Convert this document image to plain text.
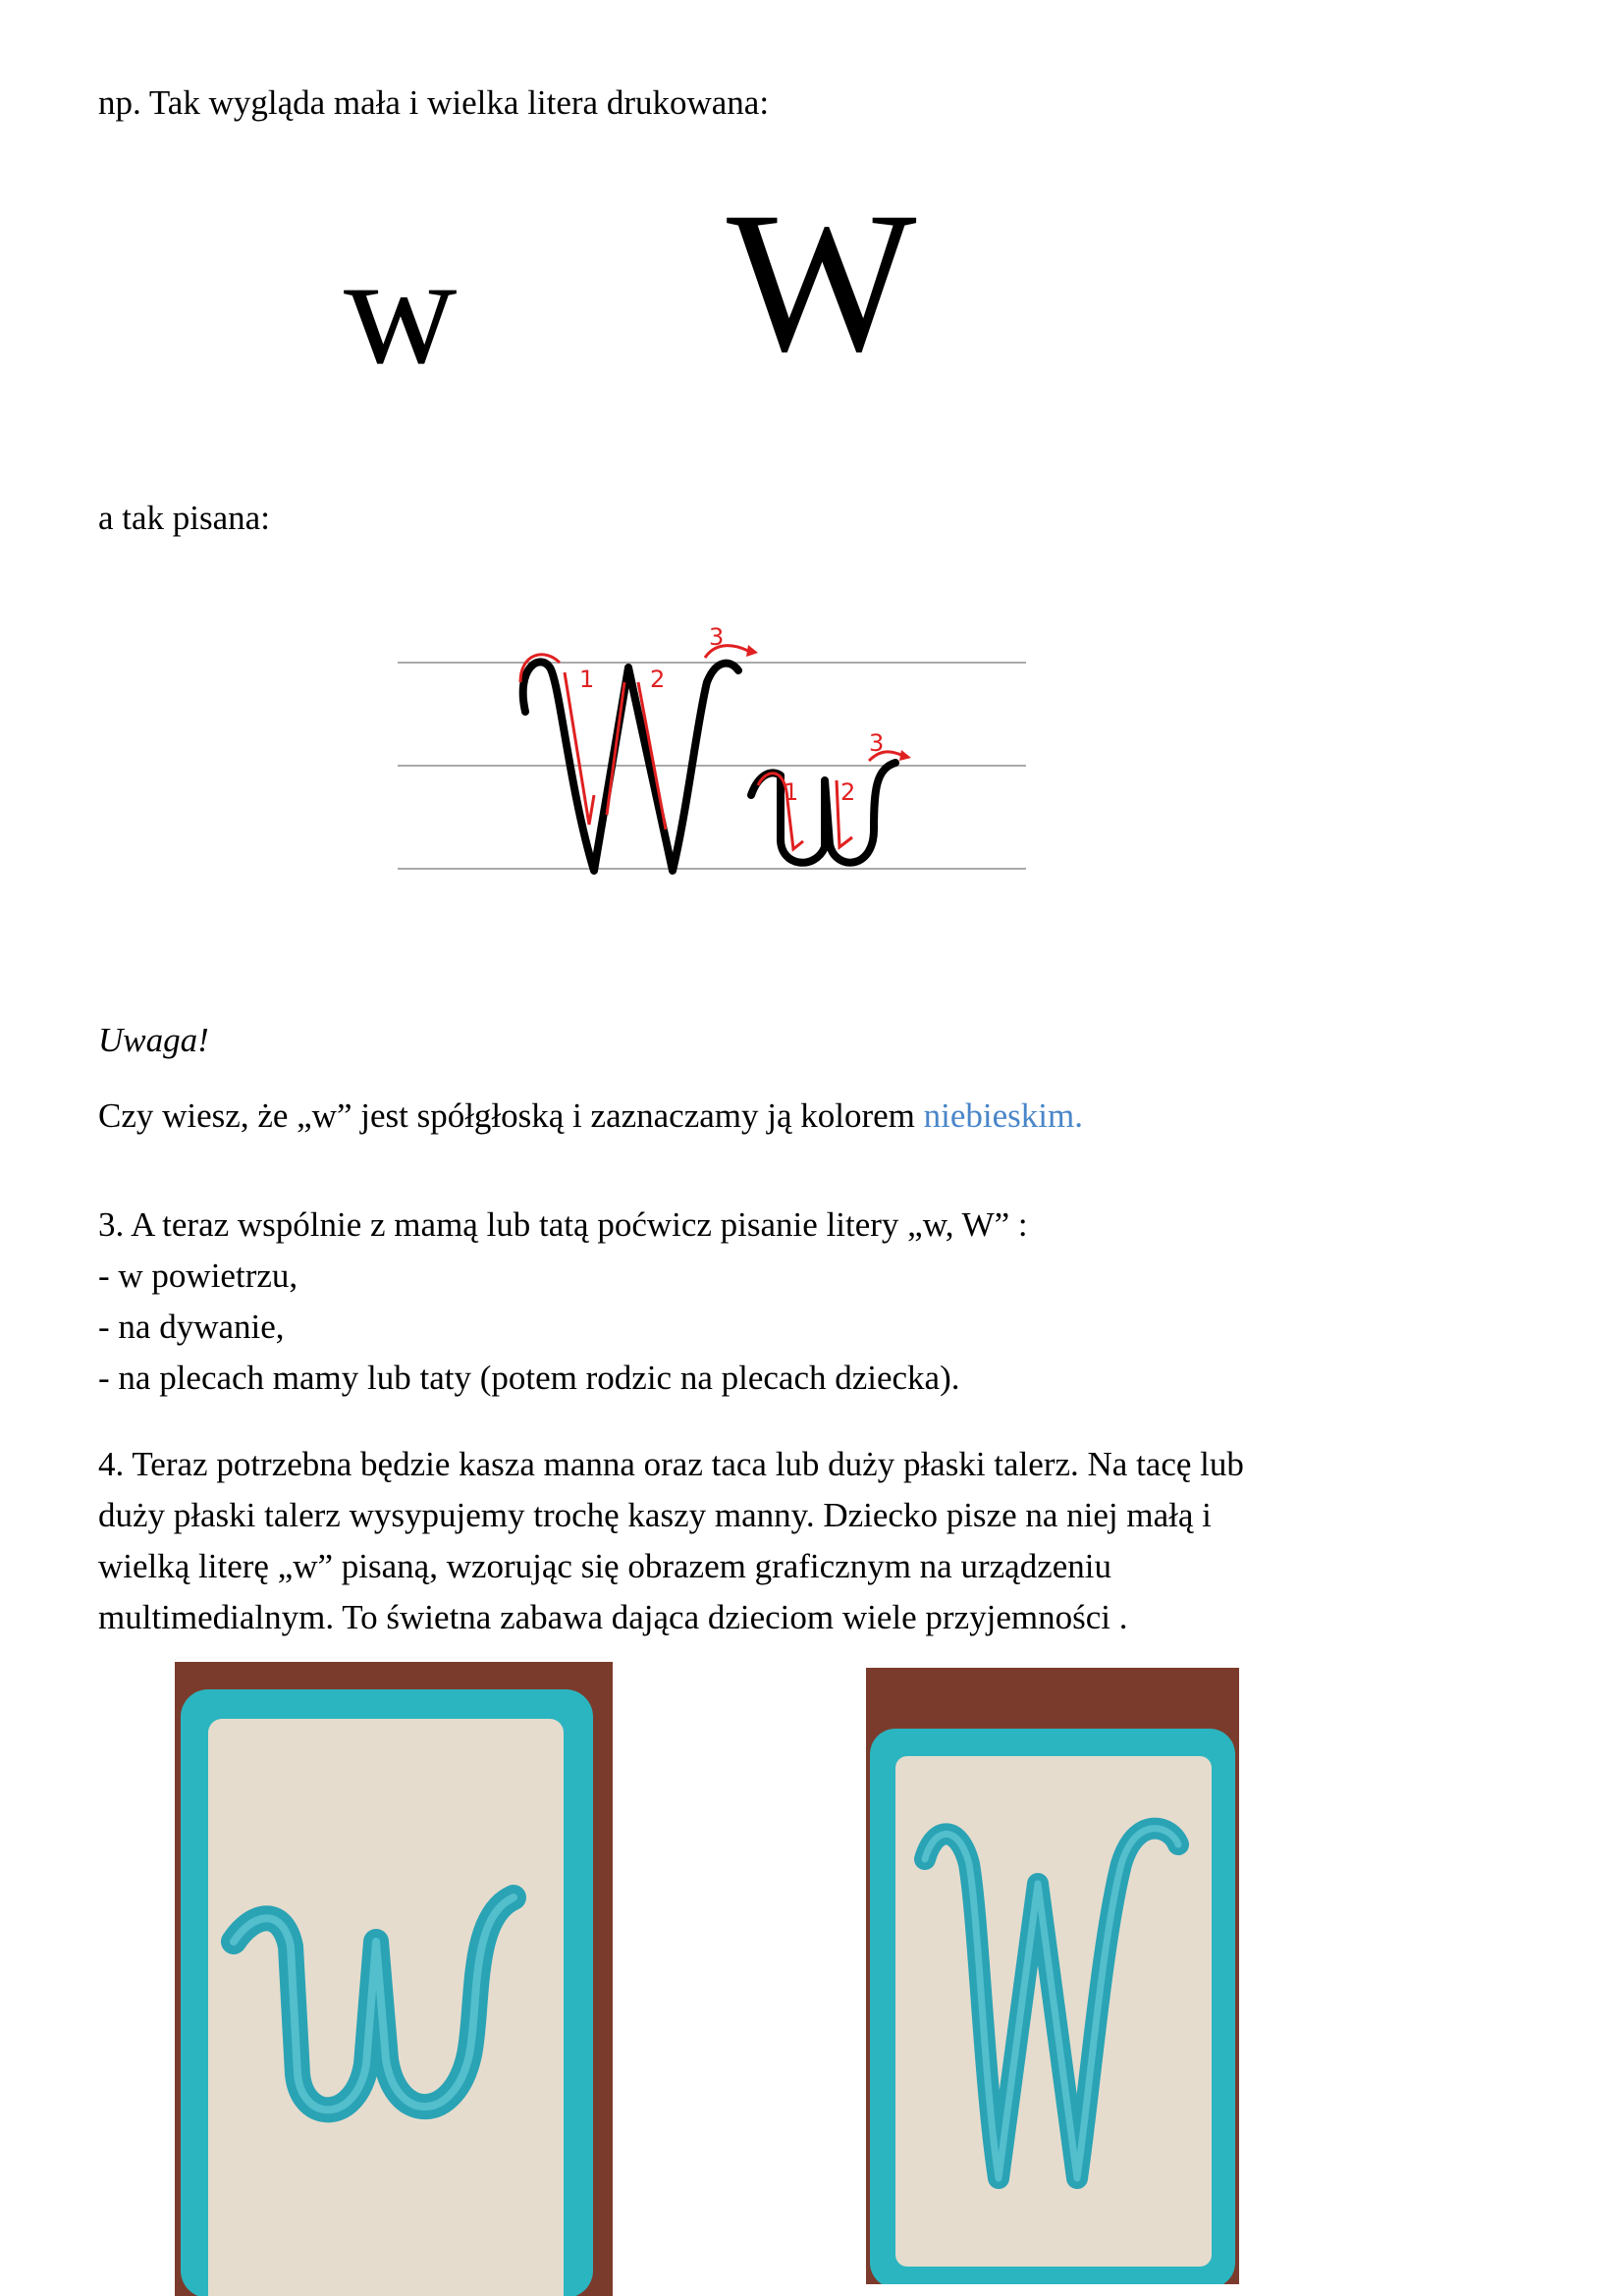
np. Tak wygląda mała i wielka litera drukowana:
w W
a tak pisana:
1 2
3
1 2
3
Uwaga!
Czy wiesz, że „w” jest spółgłoską i zaznaczamy ją kolorem niebieskim.
3. A teraz wspólnie z mamą lub tatą poćwicz pisanie litery „w, W” :
- w powietrzu,
- na dywanie,
- na plecach mamy lub taty (potem rodzic na plecach dziecka).
4. Teraz potrzebna będzie kasza manna oraz taca lub duży płaski talerz. Na tacę lub
duży płaski talerz wysypujemy trochę kaszy manny. Dziecko pisze na niej małą i
wielką literę „w” pisaną, wzorując się obrazem graficznym na urządzeniu
multimedialnym. To świetna zabawa dająca dzieciom wiele przyjemności .
